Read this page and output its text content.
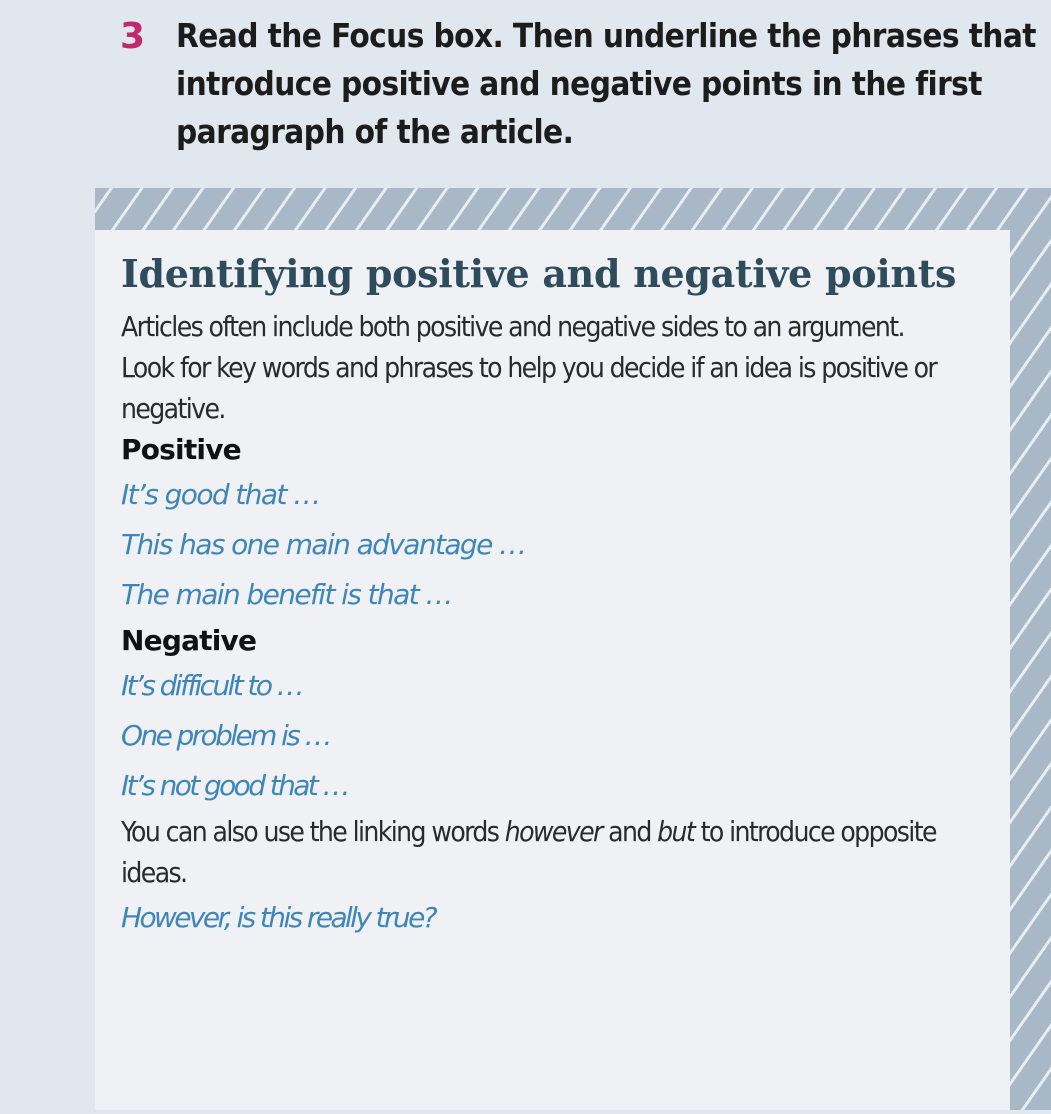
3 Read the Focus box. Then underline the phrases that introduce positive and negative points in the first paragraph of the article.
Identifying positive and negative points

Articles often include both positive and negative sides to an argument.

Look for key words and phrases to help you decide if an idea is positive or negative.

Positive

It’s good that …

This has one main advantage …

The main benefit is that …

Negative

It’s difficult to …

One problem is …

It’s not good that …

You can also use the linking words however and but to introduce opposite ideas.

However, is this really true?
